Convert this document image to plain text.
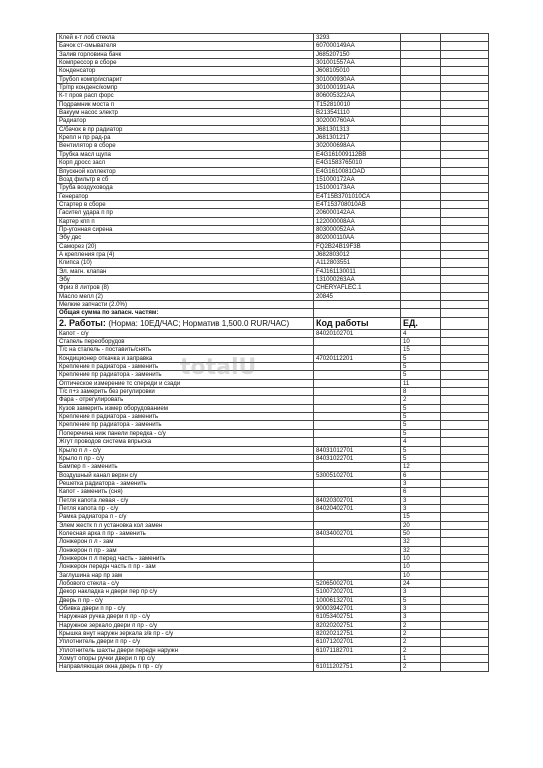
Клей к-т лоб стекла	3293		
Бачок ст-омывателя	607000149AA		
Залив горловина бачк	J685207150		
Компрессор в сборе	301001557AA		
Конденсатор	J608105010		
Трубоп компр/испарит	301000930AA		
Тр/пр конденс/компр	301000191AA		
К-т пров расп форс	806005322AA		
Подрамник моста п	T152810010		
Вакуум насос электр	B213541110		
Радиатор	302000760AA		
С/бачок в пр радиатор	J681301313		
Крепл н пр рад-ра	J681301217		
Вентилятор в сборе	302000698AA		
Трубка масл щупа	E4G161009112BB		
Корп дросс засл	E4G1583765010		
Впускной коллектор	E4G1610081OAD		
Возд фильтр в сб	151000172AA		
Труба воздуховода	151000173AA		
Генератор	E4T15B3701010CA		
Стартер в сборе	E4T153708010AB		
Гасител удара п пр	206000142AA		
Картер кпп п	122000008AA		
Пр-угонная сирена	803000052AA		
Эбу двс	802000110AA		
Саморез (20)	FQ2B24B19F3B		
А крепления гра (4)	J682803012		
Клипса (10)	A112803551		
Эл. магн. клапан	F4J161130011		
Эбу	131000263AA		
Фриз 8 литров (8)	CHERYAFLEC.1		
Масло мелл (2)	20845		
Мелкие запчасти (2.0%)			
Общая сумма по запасн. частям:			
2. Работы: (Норма: 10ЕД/ЧАС; Норматив 1,500.0 RUR/ЧАС)	Код работы	ЕД.	
Капот - с/у	84020102701	4	
Стапель переоборудов		10	
Т/с на стапель - поставить/снять		15	
Кондиционер откачка и заправка	47020112201	5	
Крепление п радиатора - заменить		5	
Крепление пр радиатора - заменить		5	
Оптическое измерение тс спереди и сзади		11	
Т/с п+з замерить без регулировки		8	
Фара - отрегулировать		2	
Кузов замерить измер оборудованием		5	
Крепление п радиатора - заменить		5	
Крепление пр радиатора - заменить		5	
Поперечина ниж панели передка - с/у		5	
Жгут проводов система впрыска		4	
Крыло п л - с/у	84031012701	5	
Крыло п пр - с/у	84031022701	5	
Бампер п - заменить		12	
Воздушный канал верхн с/у	53005102701	6	
Решетка радиатора - заменить		3	
Капот - заменить (сня)		6	
Петля капота левая - с/у	84020302701	3	
Петля капота пр - с/у	84020402701	3	
Рамка радиатора п - с/у		15	
Элем жестк п л установка кол замен		20	
Колесная арка п пр - заменить	84034002701	50	
Лонжерон п л - зам		32	
Лонжерон п пр - зам		32	
Лонжерон п л перед часть - заменить		10	
Лонжерон передн часть п пр - зам		10	
Заглушина нар пр зам		10	
Лобового стекла - с/у	52065002701	24	
Декор накладка н двери пер пр с/у	51007202701	3	
Дверь п пр - с/у	10006132701	5	
Обивка двери п пр - с/у	90003942701	3	
Наружная ручка двери п пр - с/у	61053402751	3	
Наружное зеркало двери п пр - с/у	82020202751	2	
Крышка внут наружн зеркала з/в пр - с/у	82020212751	2	
Уплотнитель двери п пр - с/у	61071202701	2	
Уплотнитель шахты двери передн наружн	61071182701	2	
Хомут опоры ручки двери п пр с/у		1	
Направляющая окна дверь п пр - с/у	61011202751	2	
totalU
